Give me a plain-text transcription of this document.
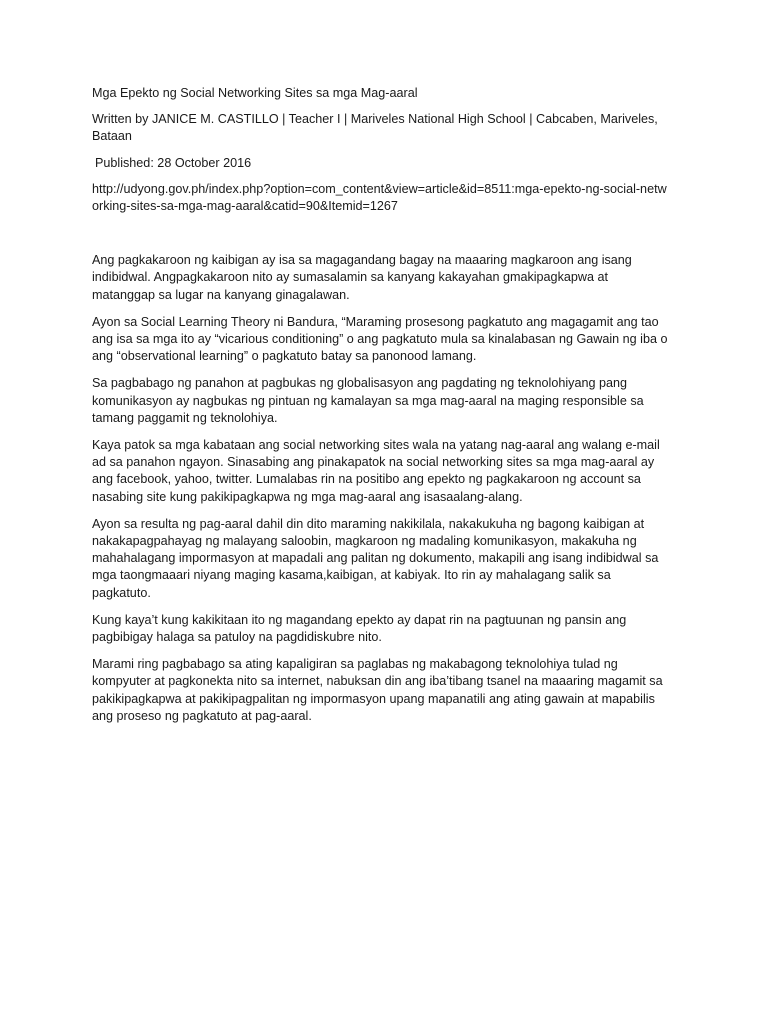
Mga Epekto ng Social Networking Sites sa mga Mag-aaral
Written by JANICE M. CASTILLO | Teacher I | Mariveles National High School | Cabcaben, Mariveles, Bataan
Published: 28 October 2016
http://udyong.gov.ph/index.php?option=com_content&view=article&id=8511:mga-epekto-ng-social-networking-sites-sa-mga-mag-aaral&catid=90&Itemid=1267

Ang pagkakaroon ng kaibigan ay isa sa magagandang bagay na maaaring magkaroon ang isang indibidwal. Angpagkakaroon nito ay sumasalamin sa kanyang kakayahan gmakipagkapwa at matanggap sa lugar na kanyang ginagalawan.

Ayon sa Social Learning Theory ni Bandura, “Maraming prosesong pagkatuto ang magagamit ang tao ang isa sa mga ito ay “vicarious conditioning” o ang pagkatuto mula sa kinalabasan ng Gawain ng iba o ang “observational learning” o pagkatuto batay sa panonood lamang.

Sa pagbabago ng panahon at pagbukas ng globalisasyon ang pagdating ng teknolohiyang pang komunikasyon ay nagbukas ng pintuan ng kamalayan sa mga mag-aaral na maging responsible sa tamang paggamit ng teknolohiya.

Kaya patok sa mga kabataan ang social networking sites wala na yatang nag-aaral ang walang e-mail ad sa panahon ngayon. Sinasabing ang pinakapatok na social networking sites sa mga mag-aaral ay ang facebook, yahoo, twitter. Lumalabas rin na positibo ang epekto ng pagkakaroon ng account sa nasabing site kung pakikipagkapwa ng mga mag-aaral ang isasaalang-alang.

Ayon sa resulta ng pag-aaral dahil din dito maraming nakikilala, nakakukuha ng bagong kaibigan at nakakapagpahayag ng malayang saloobin, magkaroon ng madaling komunikasyon, makakuha ng mahahalagang impormasyon at mapadali ang palitan ng dokumento, makapili ang isang indibidwal sa mga taongmaaari niyang maging kasama,kaibigan, at kabiyak. Ito rin ay mahalagang salik sa pagkatuto.

Kung kaya’t kung kakikitaan ito ng magandang epekto ay dapat rin na pagtuunan ng pansin ang pagbibigay halaga sa patuloy na pagdidiskubre nito.

Marami ring pagbabago sa ating kapaligiran sa paglabas ng makabagong teknolohiya tulad ng kompyuter at pagkonekta nito sa internet, nabuksan din ang iba’tibang tsanel na maaaring magamit sa pakikipagkapwa at pakikipagpalitan ng impormasyon upang mapanatili ang ating gawain at mapabilis ang proseso ng pagkatuto at pag-aaral.
